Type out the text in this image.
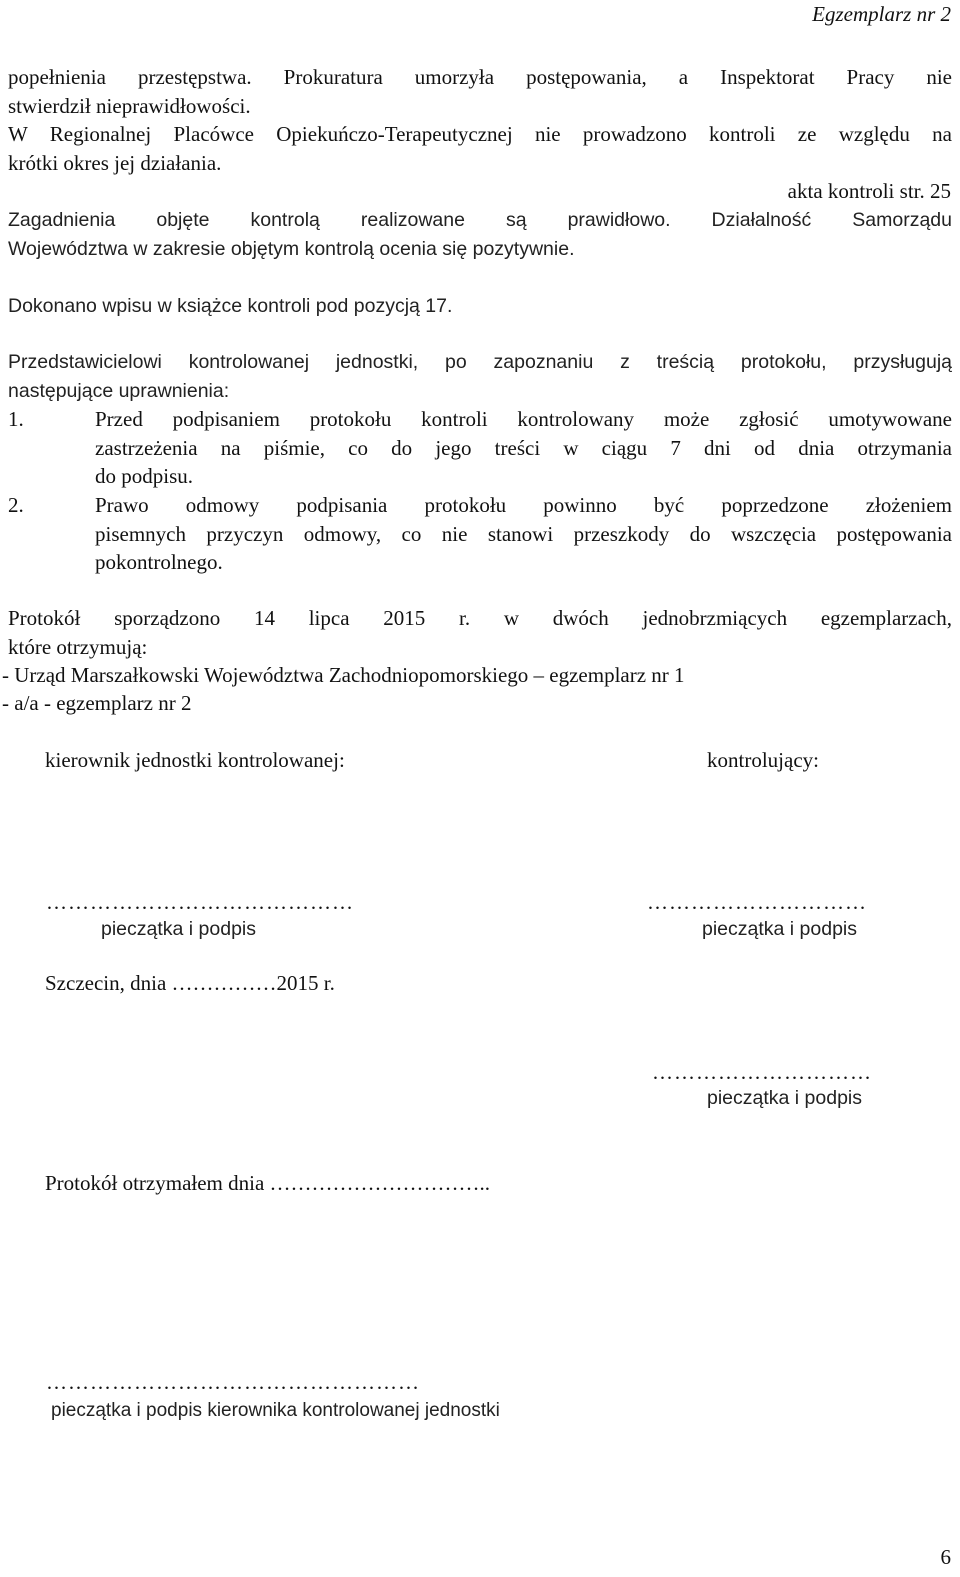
Egzemplarz nr 2
popełnienia przestępstwa. Prokuratura umorzyła postępowania, a Inspektorat Pracy nie
stwierdził nieprawidłowości.
W Regionalnej Placówce Opiekuńczo-Terapeutycznej nie prowadzono kontroli ze względu na
krótki okres jej działania.
akta kontroli str. 25
Zagadnienia objęte kontrolą realizowane są prawidłowo. Działalność Samorządu
Województwa w zakresie objętym kontrolą ocenia się pozytywnie.
Dokonano wpisu w książce kontroli pod pozycją 17.
Przedstawicielowi kontrolowanej jednostki, po zapoznaniu z treścią protokołu, przysługują
następujące uprawnienia:
1.	Przed podpisaniem protokołu kontroli kontrolowany może zgłosić umotywowane
zastrzeżenia na piśmie, co do jego treści w ciągu 7 dni od dnia otrzymania
do podpisu.
2.	Prawo odmowy podpisania protokołu powinno być poprzedzone złożeniem
pisemnych przyczyn odmowy, co nie stanowi przeszkody do wszczęcia postępowania
pokontrolnego.
Protokół sporządzono 14 lipca 2015 r. w dwóch jednobrzmiących egzemplarzach,
które otrzymują:
- Urząd Marszałkowski Województwa Zachodniopomorskiego – egzemplarz nr 1
- a/a - egzemplarz nr 2
kierownik jednostki kontrolowanej:	kontrolujący:
……………………………………	…………………………
pieczątka i podpis	pieczątka i podpis
Szczecin, dnia ……………2015 r.
…………………………
pieczątka i podpis
Protokół otrzymałem dnia …………………………..
……………………………………………
pieczątka i podpis kierownika kontrolowanej jednostki
6
